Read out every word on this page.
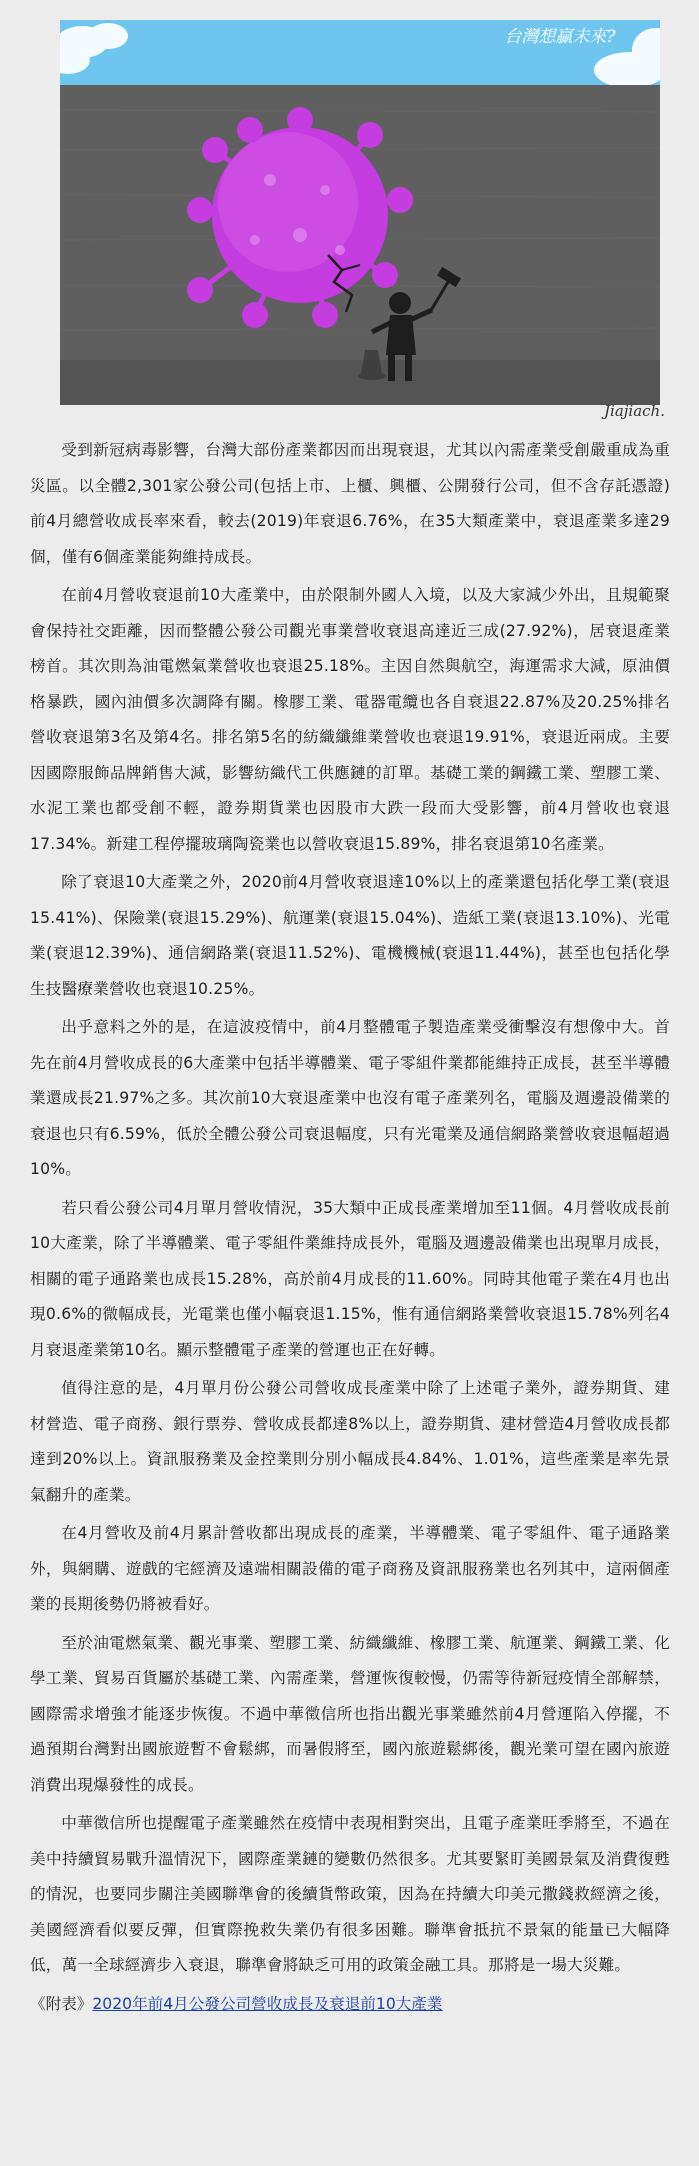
台灣想贏未來?
Jiajiach.

受到新冠病毒影響，台灣大部份產業都因而出現衰退，尤其以內需產業受創嚴重成為重災區。以全體2,301家公發公司(包括上市、上櫃、興櫃、公開發行公司，但不含存託憑證)前4月總營收成長率來看，較去(2019)年衰退6.76%，在35大類產業中，衰退產業多達29個，僅有6個產業能夠維持成長。

在前4月營收衰退前10大產業中，由於限制外國人入境，以及大家減少外出，且規範聚會保持社交距離，因而整體公發公司觀光事業營收衰退高達近三成(27.92%)，居衰退產業榜首。其次則為油電燃氣業營收也衰退25.18%。主因自然與航空，海運需求大減，原油價格暴跌，國內油價多次調降有關。橡膠工業、電器電纜也各自衰退22.87%及20.25%排名營收衰退第3名及第4名。排名第5名的紡織纖維業營收也衰退19.91%，衰退近兩成。主要因國際服飾品牌銷售大減，影響紡織代工供應鏈的訂單。基礎工業的鋼鐵工業、塑膠工業、水泥工業也都受創不輕，證券期貨業也因股市大跌一段而大受影響，前4月營收也衰退17.34%。新建工程停擺玻璃陶瓷業也以營收衰退15.89%，排名衰退第10名產業。

除了衰退10大產業之外，2020前4月營收衰退達10%以上的產業還包括化學工業(衰退15.41%)、保險業(衰退15.29%)、航運業(衰退15.04%)、造紙工業(衰退13.10%)、光電業(衰退12.39%)、通信網路業(衰退11.52%)、電機機械(衰退11.44%)，甚至也包括化學生技醫療業營收也衰退10.25%。

出乎意料之外的是，在這波疫情中，前4月整體電子製造產業受衝擊沒有想像中大。首先在前4月營收成長的6大產業中包括半導體業、電子零組件業都能維持正成長，甚至半導體業還成長21.97%之多。其次前10大衰退產業中也沒有電子產業列名，電腦及週邊設備業的衰退也只有6.59%，低於全體公發公司衰退幅度，只有光電業及通信網路業營收衰退幅超過10%。

若只看公發公司4月單月營收情況，35大類中正成長產業增加至11個。4月營收成長前10大產業，除了半導體業、電子零組件業維持成長外，電腦及週邊設備業也出現單月成長，相關的電子通路業也成長15.28%，高於前4月成長的11.60%。同時其他電子業在4月也出現0.6%的微幅成長，光電業也僅小幅衰退1.15%，惟有通信網路業營收衰退15.78%列名4月衰退產業第10名。顯示整體電子產業的營運也正在好轉。

值得注意的是，4月單月份公發公司營收成長產業中除了上述電子業外，證券期貨、建材營造、電子商務、銀行票券、營收成長都達8%以上，證券期貨、建材營造4月營收成長都達到20%以上。資訊服務業及金控業則分別小幅成長4.84%、1.01%，這些產業是率先景氣翻升的產業。

在4月營收及前4月累計營收都出現成長的產業，半導體業、電子零組件、電子通路業外，與網購、遊戲的宅經濟及遠端相關設備的電子商務及資訊服務業也名列其中，這兩個產業的長期後勢仍將被看好。

至於油電燃氣業、觀光事業、塑膠工業、紡織纖維、橡膠工業、航運業、鋼鐵工業、化學工業、貿易百貨屬於基礎工業、內需產業，營運恢復較慢，仍需等待新冠疫情全部解禁，國際需求增強才能逐步恢復。不過中華徵信所也指出觀光事業雖然前4月營運陷入停擺，不過預期台灣對出國旅遊暫不會鬆綁，而暑假將至，國內旅遊鬆綁後，觀光業可望在國內旅遊消費出現爆發性的成長。

中華徵信所也提醒電子產業雖然在疫情中表現相對突出，且電子產業旺季將至，不過在美中持續貿易戰升溫情況下，國際產業鏈的變數仍然很多。尤其要緊盯美國景氣及消費復甦的情況，也要同步關注美國聯準會的後續貨幣政策，因為在持續大印美元撒錢救經濟之後，美國經濟看似要反彈，但實際挽救失業仍有很多困難。聯準會抵抗不景氣的能量已大幅降低，萬一全球經濟步入衰退，聯準會將缺乏可用的政策金融工具。那將是一場大災難。

《附表》2020年前4月公發公司營收成長及衰退前10大產業
